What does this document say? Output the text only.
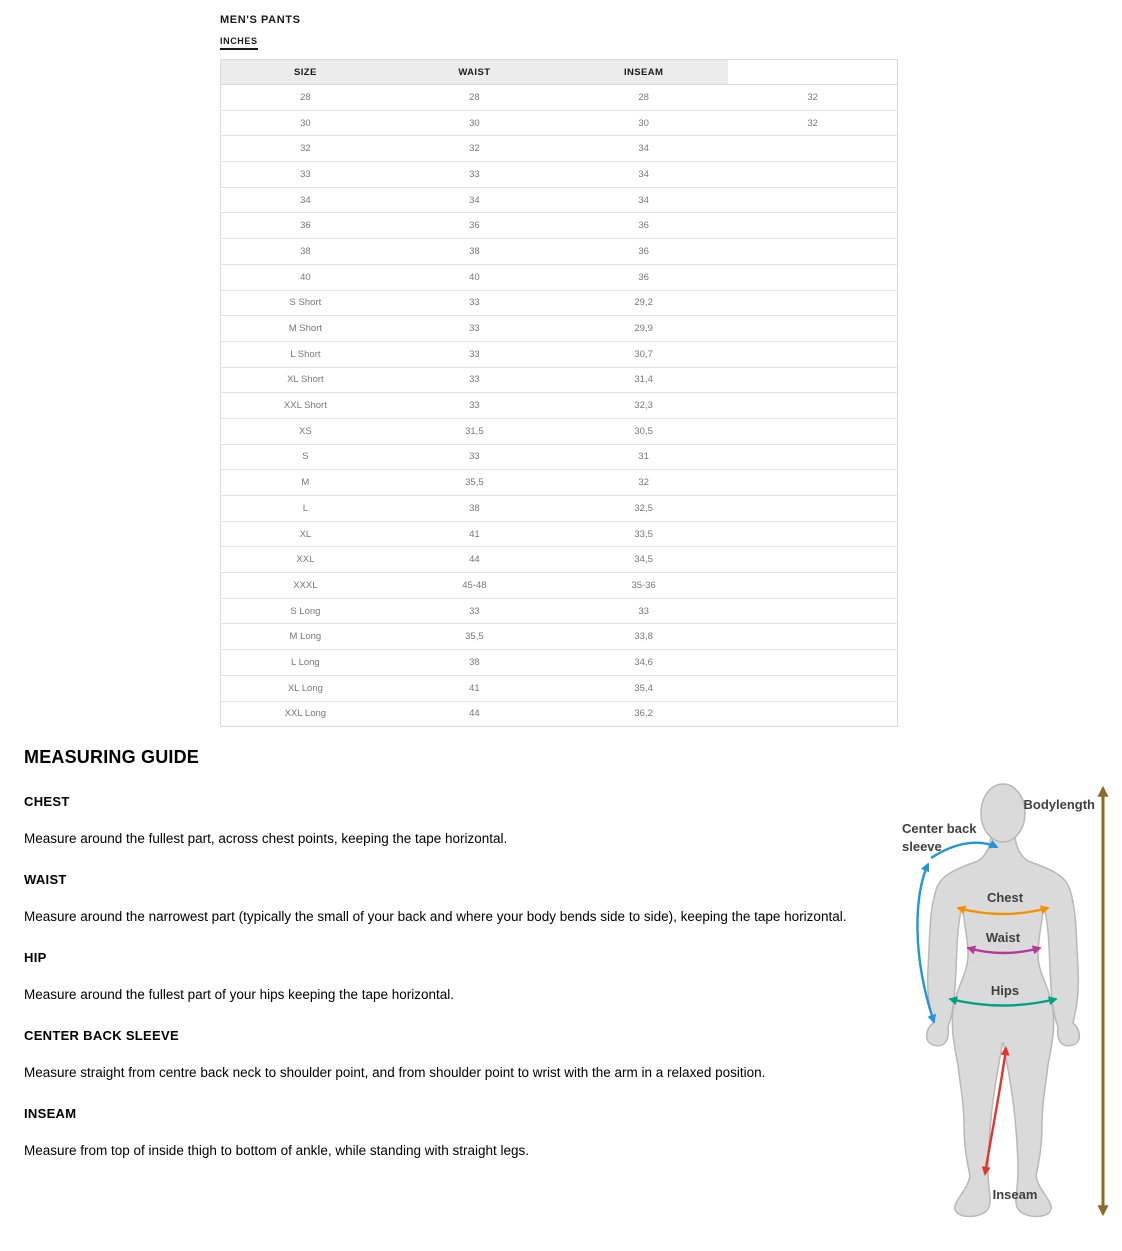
MEN'S PANTS
INCHES
SIZE	WAIST	INSEAM	
28	28	28	32
30	30	30	32
32	32	34	
33	33	34	
34	34	34	
36	36	36	
38	38	36	
40	40	36	
S Short	33	29,2	
M Short	33	29,9	
L Short	33	30,7	
XL Short	33	31,4	
XXL Short	33	32,3	
XS	31,5	30,5	
S	33	31	
M	35,5	32	
L	38	32,5	
XL	41	33,5	
XXL	44	34,5	
XXXL	45-48	35-36	
S Long	33	33	
M Long	35,5	33,8	
L Long	38	34,6	
XL Long	41	35,4	
XXL Long	44	36,2	
MEASURING GUIDE
CHEST

Measure around the fullest part, across chest points, keeping the tape horizontal.

WAIST

Measure around the narrowest part (typically the small of your back and where your body bends side to side), keeping the tape horizontal.

HIP

Measure around the fullest part of your hips keeping the tape horizontal.

CENTER BACK SLEEVE

Measure straight from centre back neck to shoulder point, and from shoulder point to wrist with the arm in a relaxed position.

INSEAM

Measure from top of inside thigh to bottom of ankle, while standing with straight legs.

Bodylength
Center back
sleeve
Chest
Waist
Hips
Inseam
